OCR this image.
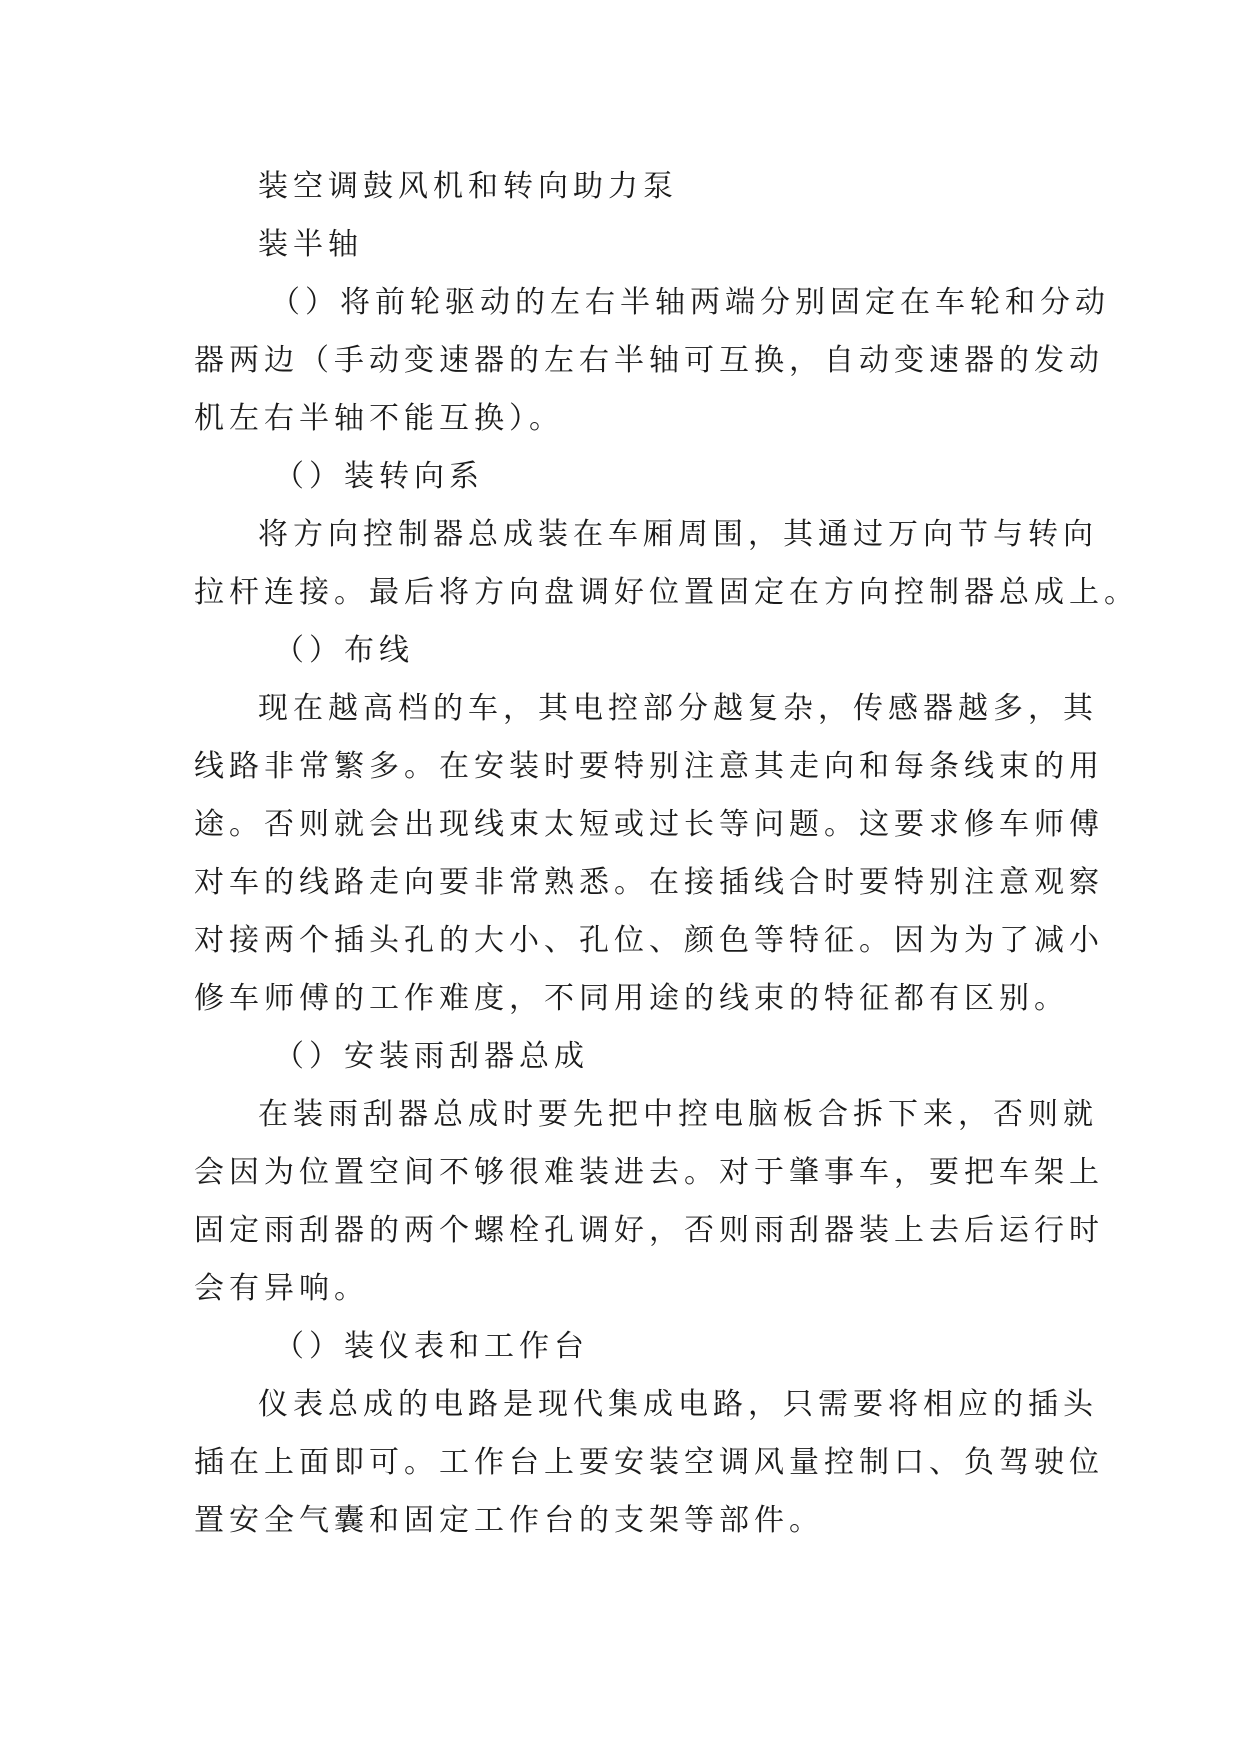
装空调鼓风机和转向助力泵
装半轴
（）将前轮驱动的左右半轴两端分别固定在车轮和分动
器两边（手动变速器的左右半轴可互换，自动变速器的发动
机左右半轴不能互换）。
（）装转向系
将方向控制器总成装在车厢周围，其通过万向节与转向
拉杆连接。最后将方向盘调好位置固定在方向控制器总成上。
（）布线
现在越高档的车，其电控部分越复杂，传感器越多，其
线路非常繁多。在安装时要特别注意其走向和每条线束的用
途。否则就会出现线束太短或过长等问题。这要求修车师傅
对车的线路走向要非常熟悉。在接插线合时要特别注意观察
对接两个插头孔的大小、孔位、颜色等特征。因为为了减小
修车师傅的工作难度，不同用途的线束的特征都有区别。
（）安装雨刮器总成
在装雨刮器总成时要先把中控电脑板合拆下来，否则就
会因为位置空间不够很难装进去。对于肇事车，要把车架上
固定雨刮器的两个螺栓孔调好，否则雨刮器装上去后运行时
会有异响。
（）装仪表和工作台
仪表总成的电路是现代集成电路，只需要将相应的插头
插在上面即可。工作台上要安装空调风量控制口、负驾驶位
置安全气囊和固定工作台的支架等部件。
